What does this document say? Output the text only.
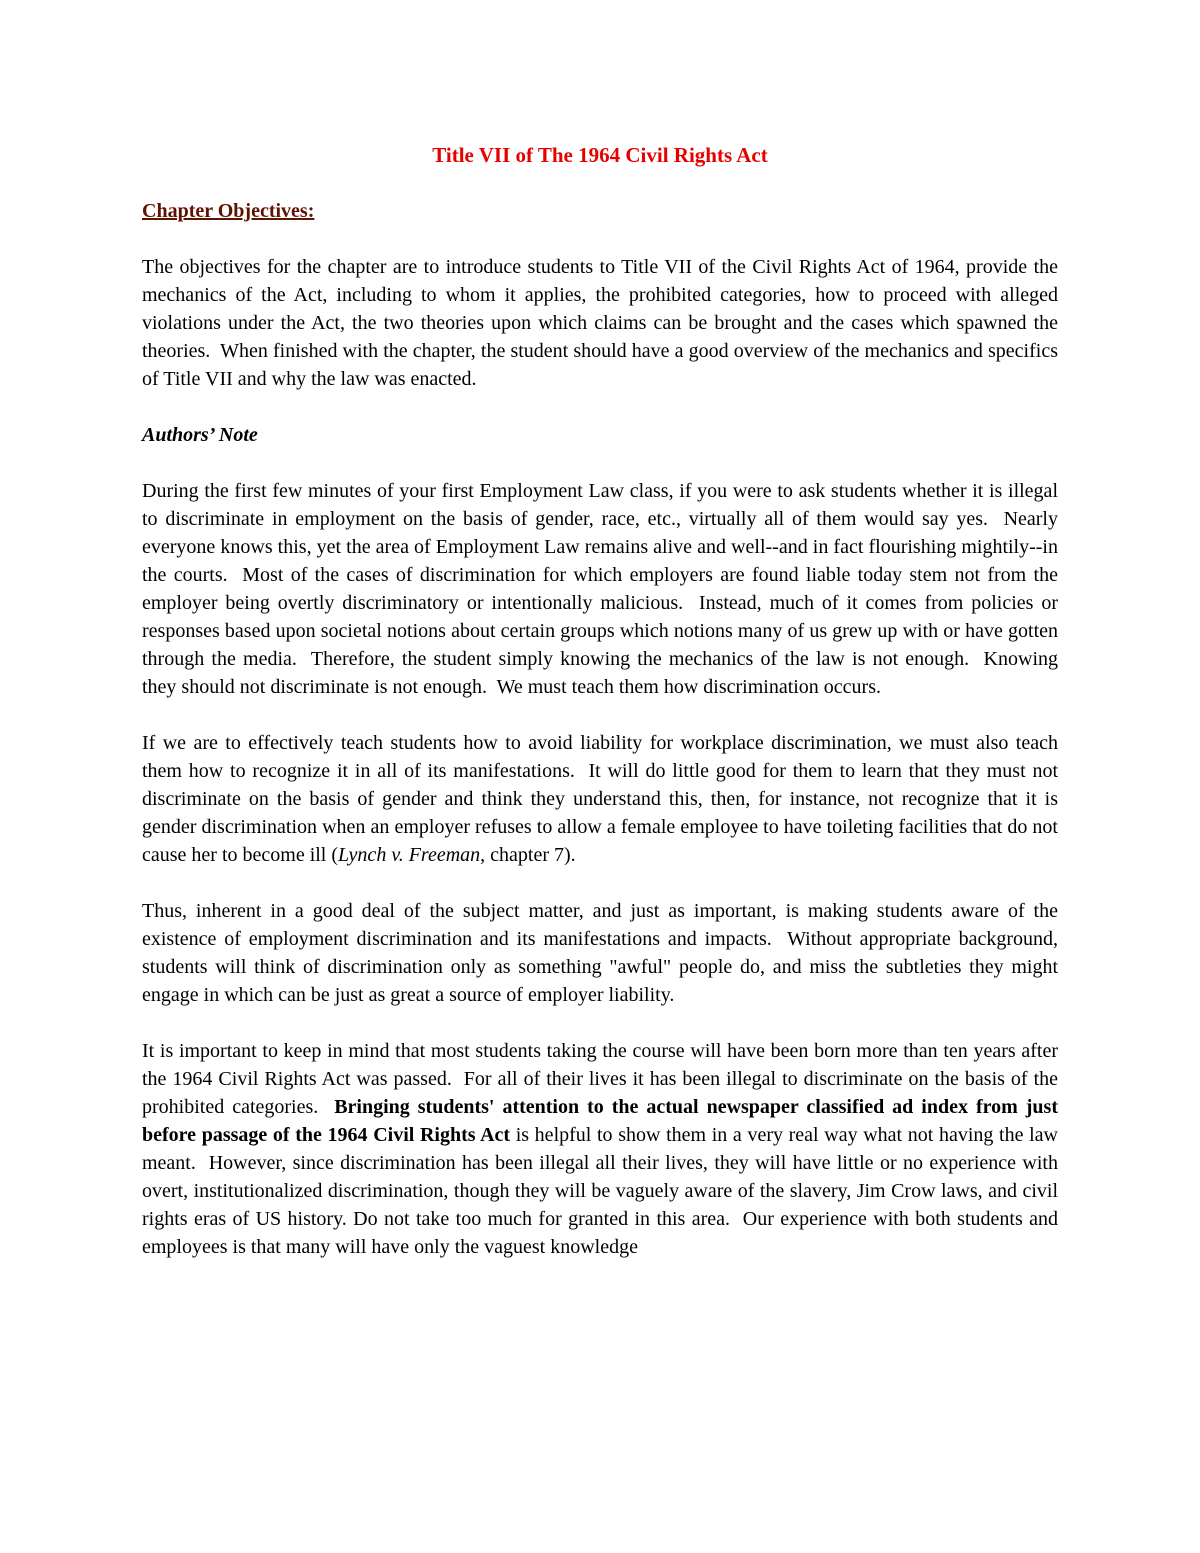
Title VII of The 1964 Civil Rights Act
Chapter Objectives:

The objectives for the chapter are to introduce students to Title VII of the Civil Rights Act of 1964, provide the mechanics of the Act, including to whom it applies, the prohibited categories, how to proceed with alleged violations under the Act, the two theories upon which claims can be brought and the cases which spawned the theories.  When finished with the chapter, the student should have a good overview of the mechanics and specifics of Title VII and why the law was enacted.

Authors’ Note

During the first few minutes of your first Employment Law class, if you were to ask students whether it is illegal to discriminate in employment on the basis of gender, race, etc., virtually all of them would say yes.  Nearly everyone knows this, yet the area of Employment Law remains alive and well--and in fact flourishing mightily--in the courts.  Most of the cases of discrimination for which employers are found liable today stem not from the employer being overtly discriminatory or intentionally malicious.  Instead, much of it comes from policies or responses based upon societal notions about certain groups which notions many of us grew up with or have gotten through the media.  Therefore, the student simply knowing the mechanics of the law is not enough.  Knowing they should not discriminate is not enough.  We must teach them how discrimination occurs.

If we are to effectively teach students how to avoid liability for workplace discrimination, we must also teach them how to recognize it in all of its manifestations.  It will do little good for them to learn that they must not discriminate on the basis of gender and think they understand this, then, for instance, not recognize that it is gender discrimination when an employer refuses to allow a female employee to have toileting facilities that do not cause her to become ill (Lynch v. Freeman, chapter 7).

Thus, inherent in a good deal of the subject matter, and just as important, is making students aware of the existence of employment discrimination and its manifestations and impacts.  Without appropriate background, students will think of discrimination only as something "awful" people do, and miss the subtleties they might engage in which can be just as great a source of employer liability.

It is important to keep in mind that most students taking the course will have been born more than ten years after the 1964 Civil Rights Act was passed.  For all of their lives it has been illegal to discriminate on the basis of the prohibited categories.  Bringing students' attention to the actual newspaper classified ad index from just before passage of the 1964 Civil Rights Act is helpful to show them in a very real way what not having the law meant.  However, since discrimination has been illegal all their lives, they will have little or no experience with overt, institutionalized discrimination, though they will be vaguely aware of the slavery, Jim Crow laws, and civil rights eras of US history. Do not take too much for granted in this area.  Our experience with both students and employees is that many will have only the vaguest knowledge
